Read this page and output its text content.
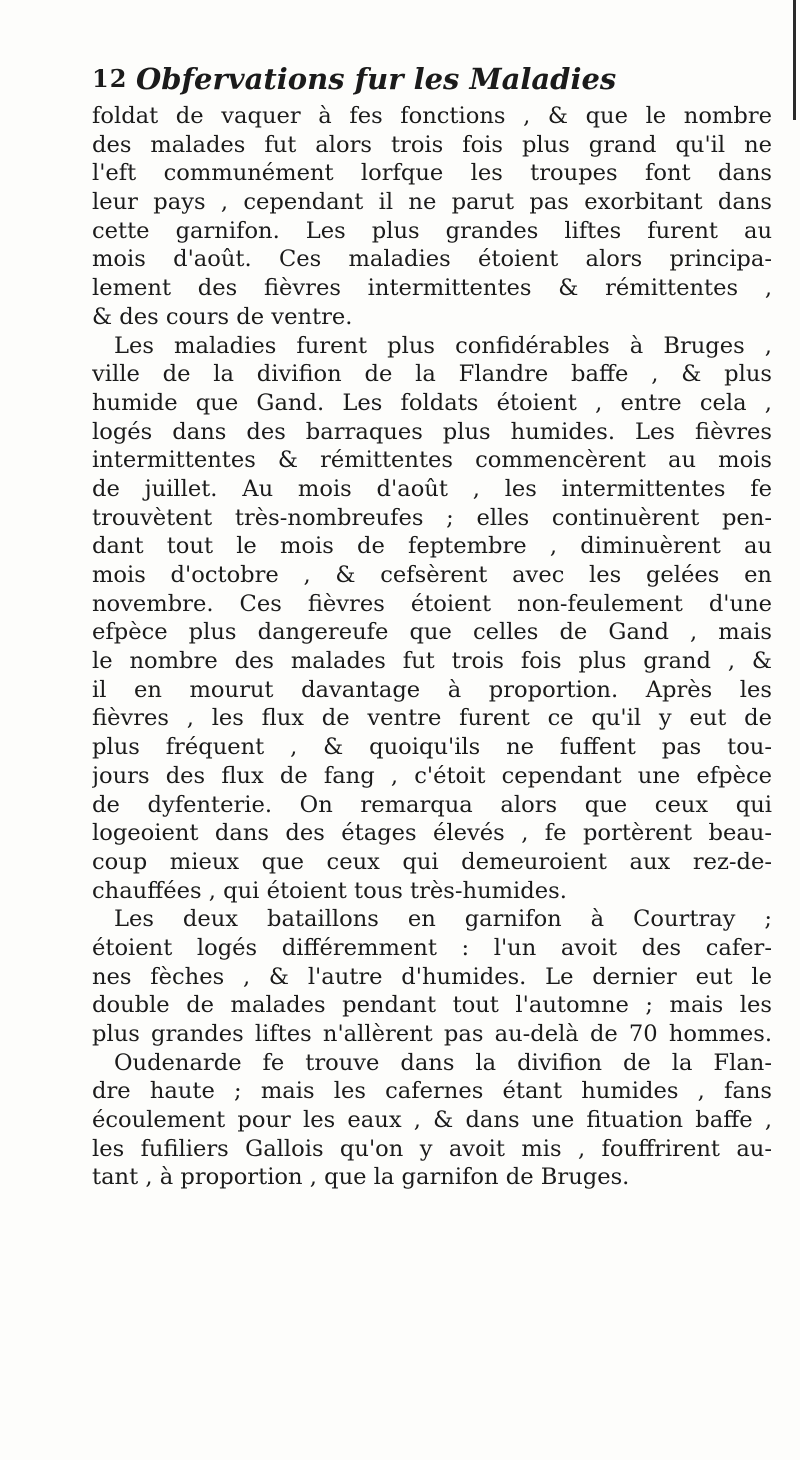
12 Obfervations fur les Maladies
foldat de vaquer à fes fonctions , & que le nombre
des malades fut alors trois fois plus grand qu'il ne
l'eft communément lorfque les troupes font dans
leur pays , cependant il ne parut pas exorbitant dans
cette garnifon. Les plus grandes liftes furent au
mois d'août. Ces maladies étoient alors principa-
lement des fièvres intermittentes & rémittentes ,
& des cours de ventre.
Les maladies furent plus confidérables à Bruges ,
ville de la divifion de la Flandre baffe , & plus
humide que Gand. Les foldats étoient , entre cela ,
logés dans des barraques plus humides. Les fièvres
intermittentes & rémittentes commencèrent au mois
de juillet. Au mois d'août , les intermittentes fe
trouvètent très-nombreufes ; elles continuèrent pen-
dant tout le mois de feptembre , diminuèrent au
mois d'octobre , & cefsèrent avec les gelées en
novembre. Ces fièvres étoient non-feulement d'une
efpèce plus dangereufe que celles de Gand , mais
le nombre des malades fut trois fois plus grand , &
il en mourut davantage à proportion. Après les
fièvres , les flux de ventre furent ce qu'il y eut de
plus fréquent , & quoiqu'ils ne fuffent pas tou-
jours des flux de fang , c'étoit cependant une efpèce
de dyfenterie. On remarqua alors que ceux qui
logeoient dans des étages élevés , fe portèrent beau-
coup mieux que ceux qui demeuroient aux rez-de-
chauffées , qui étoient tous très-humides.
Les deux bataillons en garnifon à Courtray ;
étoient logés différemment : l'un avoit des cafer-
nes fèches , & l'autre d'humides. Le dernier eut le
double de malades pendant tout l'automne ; mais les
plus grandes liftes n'allèrent pas au-delà de 70 hommes.
Oudenarde fe trouve dans la divifion de la Flan-
dre haute ; mais les cafernes étant humides , fans
écoulement pour les eaux , & dans une fituation baffe ,
les fufiliers Gallois qu'on y avoit mis , fouffrirent au-
tant , à proportion , que la garnifon de Bruges.
